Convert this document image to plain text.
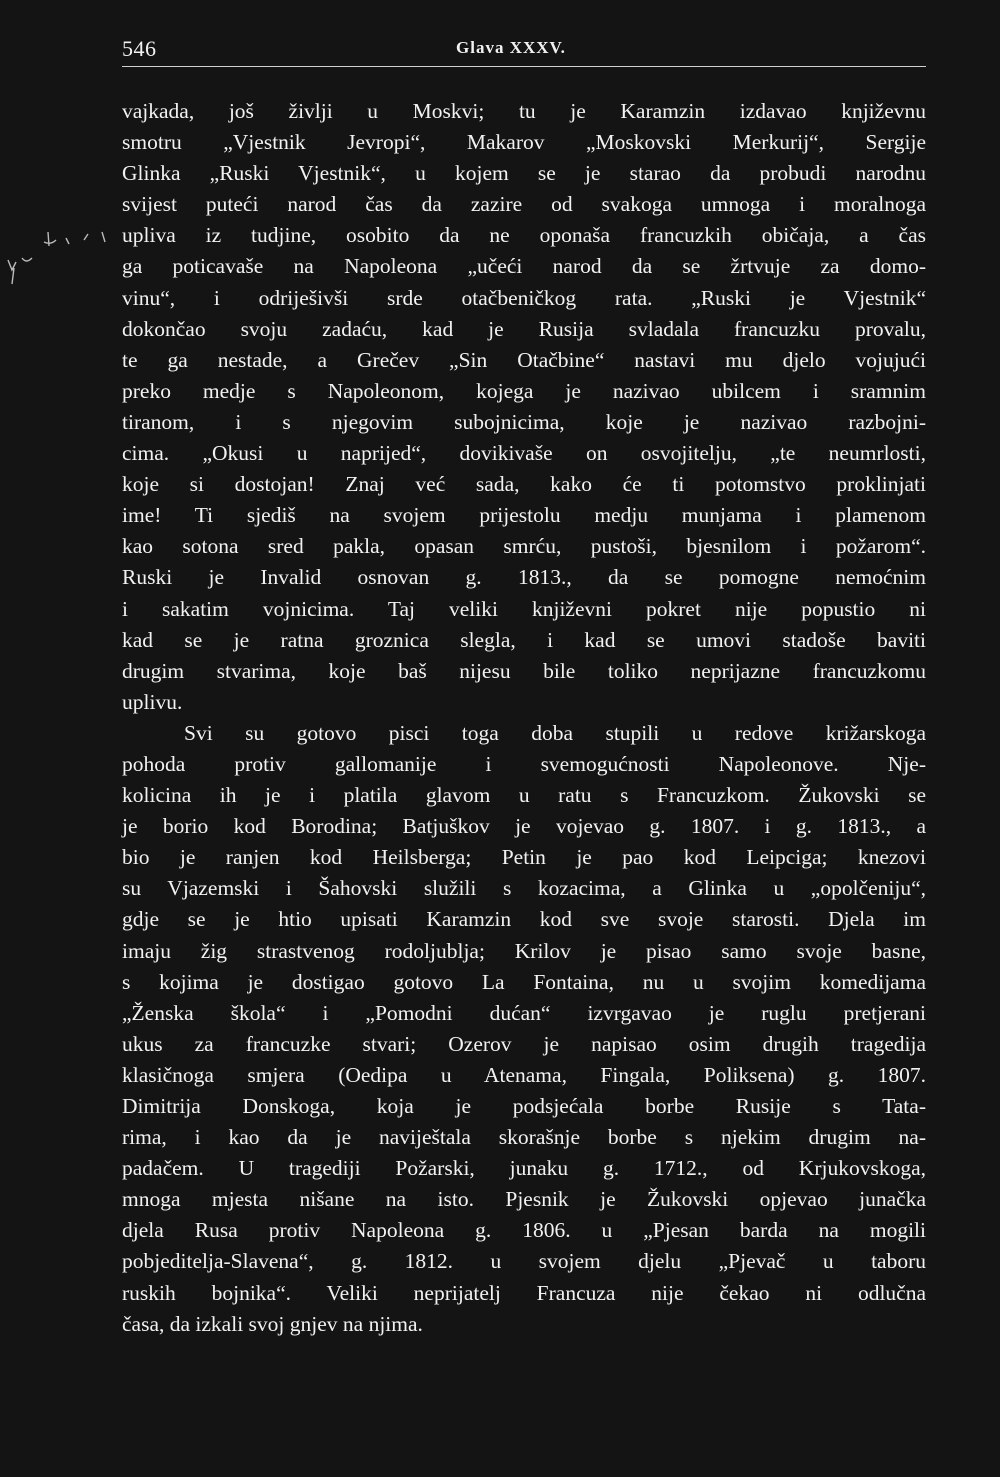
546	Glava XXXV.
vajkada, još življi u Moskvi; tu je Karamzin izdavao književnu
smotru „Vjestnik Jevropi“, Makarov „Moskovski Merkurij“, Sergije
Glinka „Ruski Vjestnik“, u kojem se je starao da probudi narodnu
svijest puteći narod čas da zazire od svakoga umnoga i moralnoga
upliva iz tudjine, osobito da ne oponaša francuzkih običaja, a čas
ga poticavaše na Napoleona „učeći narod da se žrtvuje za domo-
vinu“, i odriješivši srde otačbeničkog rata. „Ruski je Vjestnik“
dokončao svoju zadaću, kad je Rusija svladala francuzku provalu,
te ga nestade, a Grečev „Sin Otačbine“ nastavi mu djelo vojujući
preko medje s Napoleonom, kojega je nazivao ubilcem i sramnim
tiranom, i s njegovim subojnicima, koje je nazivao razbojni-
cima. „Okusi u naprijed“, dovikivaše on osvojitelju, „te neumrlosti,
koje si dostojan! Znaj već sada, kako će ti potomstvo proklinjati
ime! Ti sjediš na svojem prijestolu medju munjama i plamenom
kao sotona sred pakla, opasan smrću, pustoši, bjesnilom i požarom“.
Ruski je Invalid osnovan g. 1813., da se pomogne nemoćnim
i sakatim vojnicima. Taj veliki književni pokret nije popustio ni
kad se je ratna groznica slegla, i kad se umovi stadoše baviti
drugim stvarima, koje baš nijesu bile toliko neprijazne francuzkomu
uplivu.
Svi su gotovo pisci toga doba stupili u redove križarskoga
pohoda protiv gallomanije i svemogućnosti Napoleonove. Nje-
kolicina ih je i platila glavom u ratu s Francuzkom. Žukovski se
je borio kod Borodina; Batjuškov je vojevao g. 1807. i g. 1813., a
bio je ranjen kod Heilsberga; Petin je pao kod Leipciga; knezovi
su Vjazemski i Šahovski služili s kozacima, a Glinka u „opolčeniju“,
gdje se je htio upisati Karamzin kod sve svoje starosti. Djela im
imaju žig strastvenog rodoljublja; Krilov je pisao samo svoje basne,
s kojima je dostigao gotovo La Fontaina, nu u svojim komedijama
„Ženska škola“ i „Pomodni dućan“ izvrgavao je ruglu pretjerani
ukus za francuzke stvari; Ozerov je napisao osim drugih tragedija
klasičnoga smjera (Oedipa u Atenama, Fingala, Poliksena) g. 1807.
Dimitrija Donskoga, koja je podsjećala borbe Rusije s Tata-
rima, i kao da je naviještala skorašnje borbe s njekim drugim na-
padačem. U tragediji Požarski, junaku g. 1712., od Krjukovskoga,
mnoga mjesta nišane na isto. Pjesnik je Žukovski opjevao junačka
djela Rusa protiv Napoleona g. 1806. u „Pjesan barda na mogili
pobjeditelja-Slavena“, g. 1812. u svojem djelu „Pjevač u taboru
ruskih bojnika“. Veliki neprijatelj Francuza nije čekao ni odlučna
časa, da izkali svoj gnjev na njima.
